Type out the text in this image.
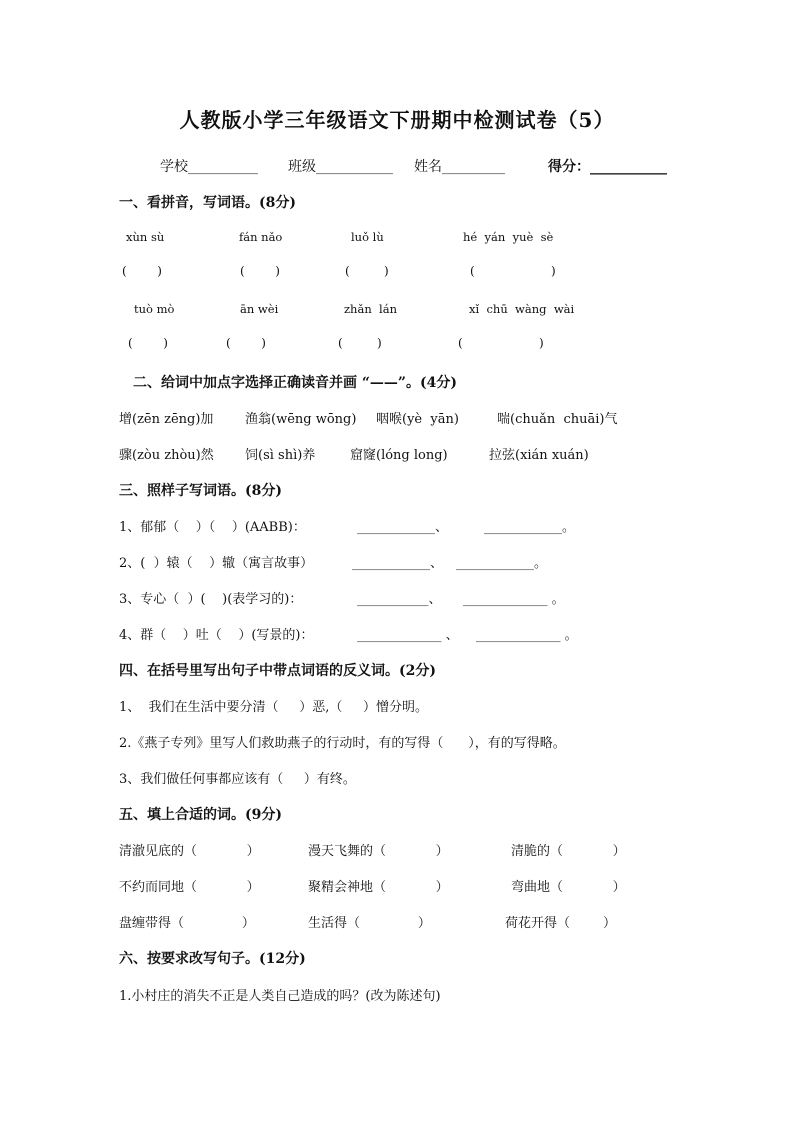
人教版小学三年级语文下册期中检测试卷（5）
学校__________ 班级___________ 姓名_________	得分：___________
一、看拼音，写词语。(8分)
xùn sù	fán nǎo	luǒ lù	hé  yán  yuè  sè
(        )	(        )	(         )	(                    )
tuò mò	ān wèi	zhǎn  lán	xǐ  chū  wàng  wài
(        )	(        )	(         )	(                    )
二、给词中加点字选择正确读音并画 “——”。(4分)
增(zēn zēng)加 渔翁(wēng wōng) 咽喉(yè  yān)	喘(chuǎn  chuāi)气
骤(zòu zhòu)然 饲(sì shì)养	窟窿(lóng long)	拉弦(xián xuán)
三、照样子写词语。(8分)
1、郁郁（    ）（    ）(AABB)：	____________、	____________。
2、(  ）辕（    ）辙（寓言故事）	____________、 ____________。
3、专心（  ）(    )(表学习的)：	___________、 _____________ 。
4、群（    ）吐（    ）(写景的)：	_____________ 、 _____________ 。
四、在括号里写出句子中带点词语的反义词。(2分)
1、  我们在生活中要分清（     ）恶,（     ）憎分明。
2.《燕子专列》里写人们救助燕子的行动时，有的写得（      ），有的写得略。
3、我们做任何事都应该有（     ）有终。
五、填上合适的词。(9分)
清澈见底的（            ）	漫天飞舞的（            ）	清脆的（            ）
不约而同地（            ）	聚精会神地（            ）	弯曲地（            ）
盘缠带得（              ）	生活得（              ）	荷花开得（        ）
六、按要求改写句子。(12分)
1.小村庄的消失不正是人类自己造成的吗？(改为陈述句)
